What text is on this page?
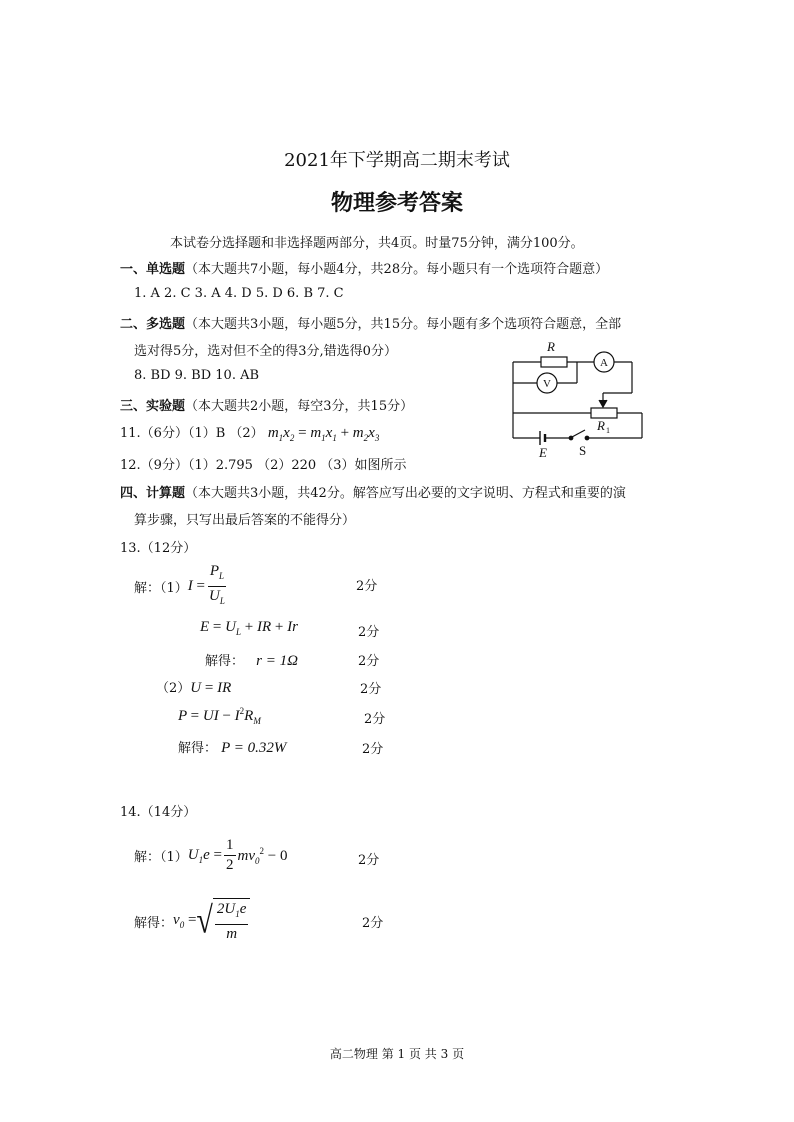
2021年下学期高二期末考试
物理参考答案
本试卷分选择题和非选择题两部分，共4页。时量75分钟，满分100分。
一、单选题（本大题共7小题，每小题4分，共28分。每小题只有一个选项符合题意）
1. A 2. C 3. A 4. D 5. D 6. B 7. C
二、多选题（本大题共3小题，每小题5分，共15分。每小题有多个选项符合题意，全部
选对得5分，选对但不全的得3分,错选得0分）
8. BD 9. BD 10. AB
三、实验题（本大题共2小题，每空3分，共15分）
11.（6分）（1）B （2） $m_1x_2 = m_1x_1 + m_2x_3$
12.（9分）（1）2.795 （2）220 （3）如图所示
R
A
V
R 1
E S
四、计算题（本大题共3小题，共42分。解答应写出必要的文字说明、方程式和重要的演
算步骤，只写出最后答案的不能得分）
13.（12分）
解：（1） $I = \frac{P_L}{U_L}$	2分
$E = U_L$ + IR + Ir	2分
解得： r = 1Ω	2分
（2）U = IR	2分
P = UI − $I^2R_M$	2分
解得： P = 0.32W	2分
14.（14分）
解：（1） $U_1e = \frac{1}{2} mv_0^2 - 0$	2分
解得： $v_0$ = √ $\frac{2U_1e}{m}$	2分
高二物理 第 1 页 共 3 页
